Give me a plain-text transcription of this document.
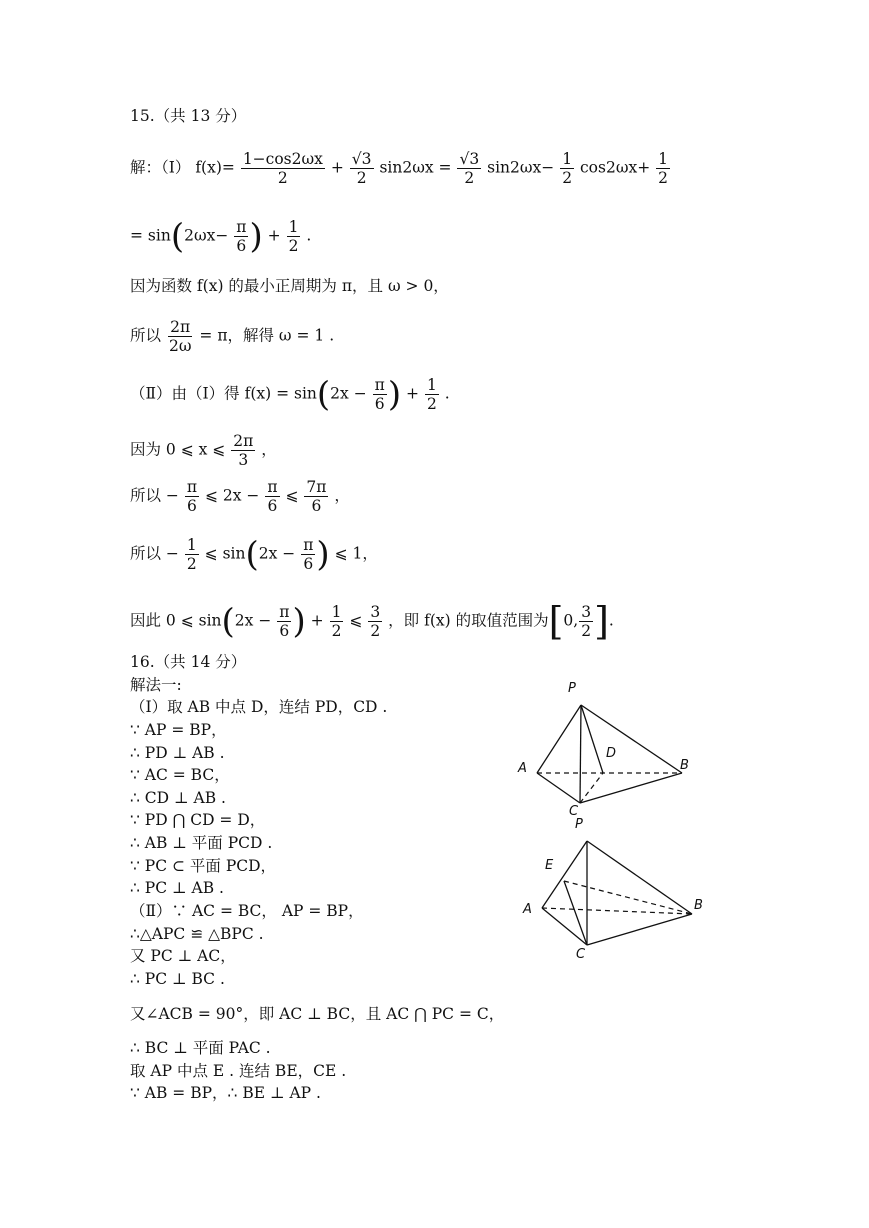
15.（共 13 分）
解：（Ⅰ） $f(x)= \frac{1-\cos 2\omega x}{2} + \frac{√3}{2} \sin 2\omega x = \frac{√3}{2} \sin 2\omega x- \frac{1}{2} \cos 2\omega x+ \frac{1}{2}$
= $\sin(2\omega x- \frac{\pi}{6}$ ) + $\frac{1}{2}$ .
因为函数 f(x) 的最小正周期为 π，且 ω > 0，
所以 $\frac{2\pi}{2\omega} = \pi$，解得 ω = 1 .
（Ⅱ）由（Ⅰ）得 $f(x) = \sin(2x - \frac{\pi}{6}$ ) + $\frac{1}{2}$ .
因为 0 ⩽ x ⩽ $\frac{2\pi}{3}$ ，
所以 − $\frac{\pi}{6}$ ⩽ $2x - \frac{\pi}{6}$ ⩽ $\frac{7\pi}{6}$ ，
所以 − $\frac{1}{2}$ ⩽ $\sin(2x - \frac{\pi}{6}$ ) ⩽ 1，
因此 0 ⩽ $\sin(2x - \frac{\pi}{6}$ ) + $\frac{1}{2}$ ⩽ $\frac{3}{2}$ ，即 f(x) 的取值范围为[0, $\frac{3}{2}$ ].
16.（共 14 分）
解法一:
（Ⅰ）取 AB 中点 D，连结 PD，CD .
∵ AP = BP，
∴ PD ⊥ AB .
∵ AC = BC，
∴ CD ⊥ AB .
∵ PD ⋂ CD = D，
∴ AB ⊥ 平面 PCD .
∵ PC ⊂ 平面 PCD，
∴ PC ⊥ AB .
（Ⅱ）∵ AC = BC， AP = BP，
∴△APC ≌ △BPC .
又 PC ⊥ AC，
∴ PC ⊥ BC .
又∠ACB = 90°，即 AC ⊥ BC，且 AC ⋂ PC = C，
∴ BC ⊥ 平面 PAC .
取 AP 中点 E . 连结 BE，CE .
∵ AB = BP，∴ BE ⊥ AP .
P
A	B
C
D
P
E
A	B
C
